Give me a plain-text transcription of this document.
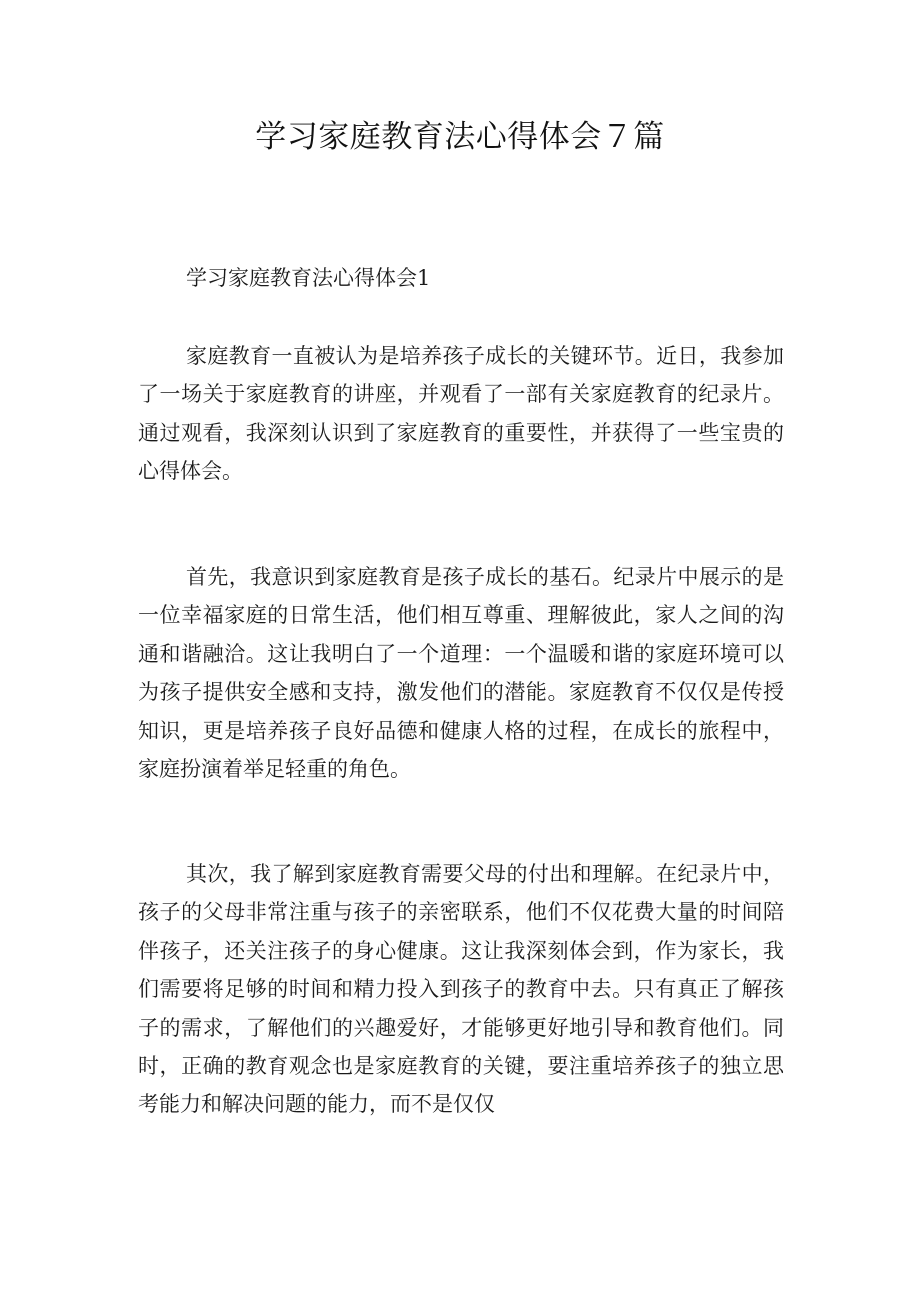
学习家庭教育法心得体会７篇
学习家庭教育法心得体会1

家庭教育一直被认为是培养孩子成长的关键环节。近日，我参加了一场关于家庭教育的讲座，并观看了一部有关家庭教育的纪录片。通过观看，我深刻认识到了家庭教育的重要性，并获得了一些宝贵的心得体会。

首先，我意识到家庭教育是孩子成长的基石。纪录片中展示的是一位幸福家庭的日常生活，他们相互尊重、理解彼此，家人之间的沟通和谐融洽。这让我明白了一个道理：一个温暖和谐的家庭环境可以为孩子提供安全感和支持，激发他们的潜能。家庭教育不仅仅是传授知识，更是培养孩子良好品德和健康人格的过程，在成长的旅程中，家庭扮演着举足轻重的角色。

其次，我了解到家庭教育需要父母的付出和理解。在纪录片中，孩子的父母非常注重与孩子的亲密联系，他们不仅花费大量的时间陪伴孩子，还关注孩子的身心健康。这让我深刻体会到，作为家长，我们需要将足够的时间和精力投入到孩子的教育中去。只有真正了解孩子的需求，了解他们的兴趣爱好，才能够更好地引导和教育他们。同时，正确的教育观念也是家庭教育的关键，要注重培养孩子的独立思考能力和解决问题的能力，而不是仅仅
